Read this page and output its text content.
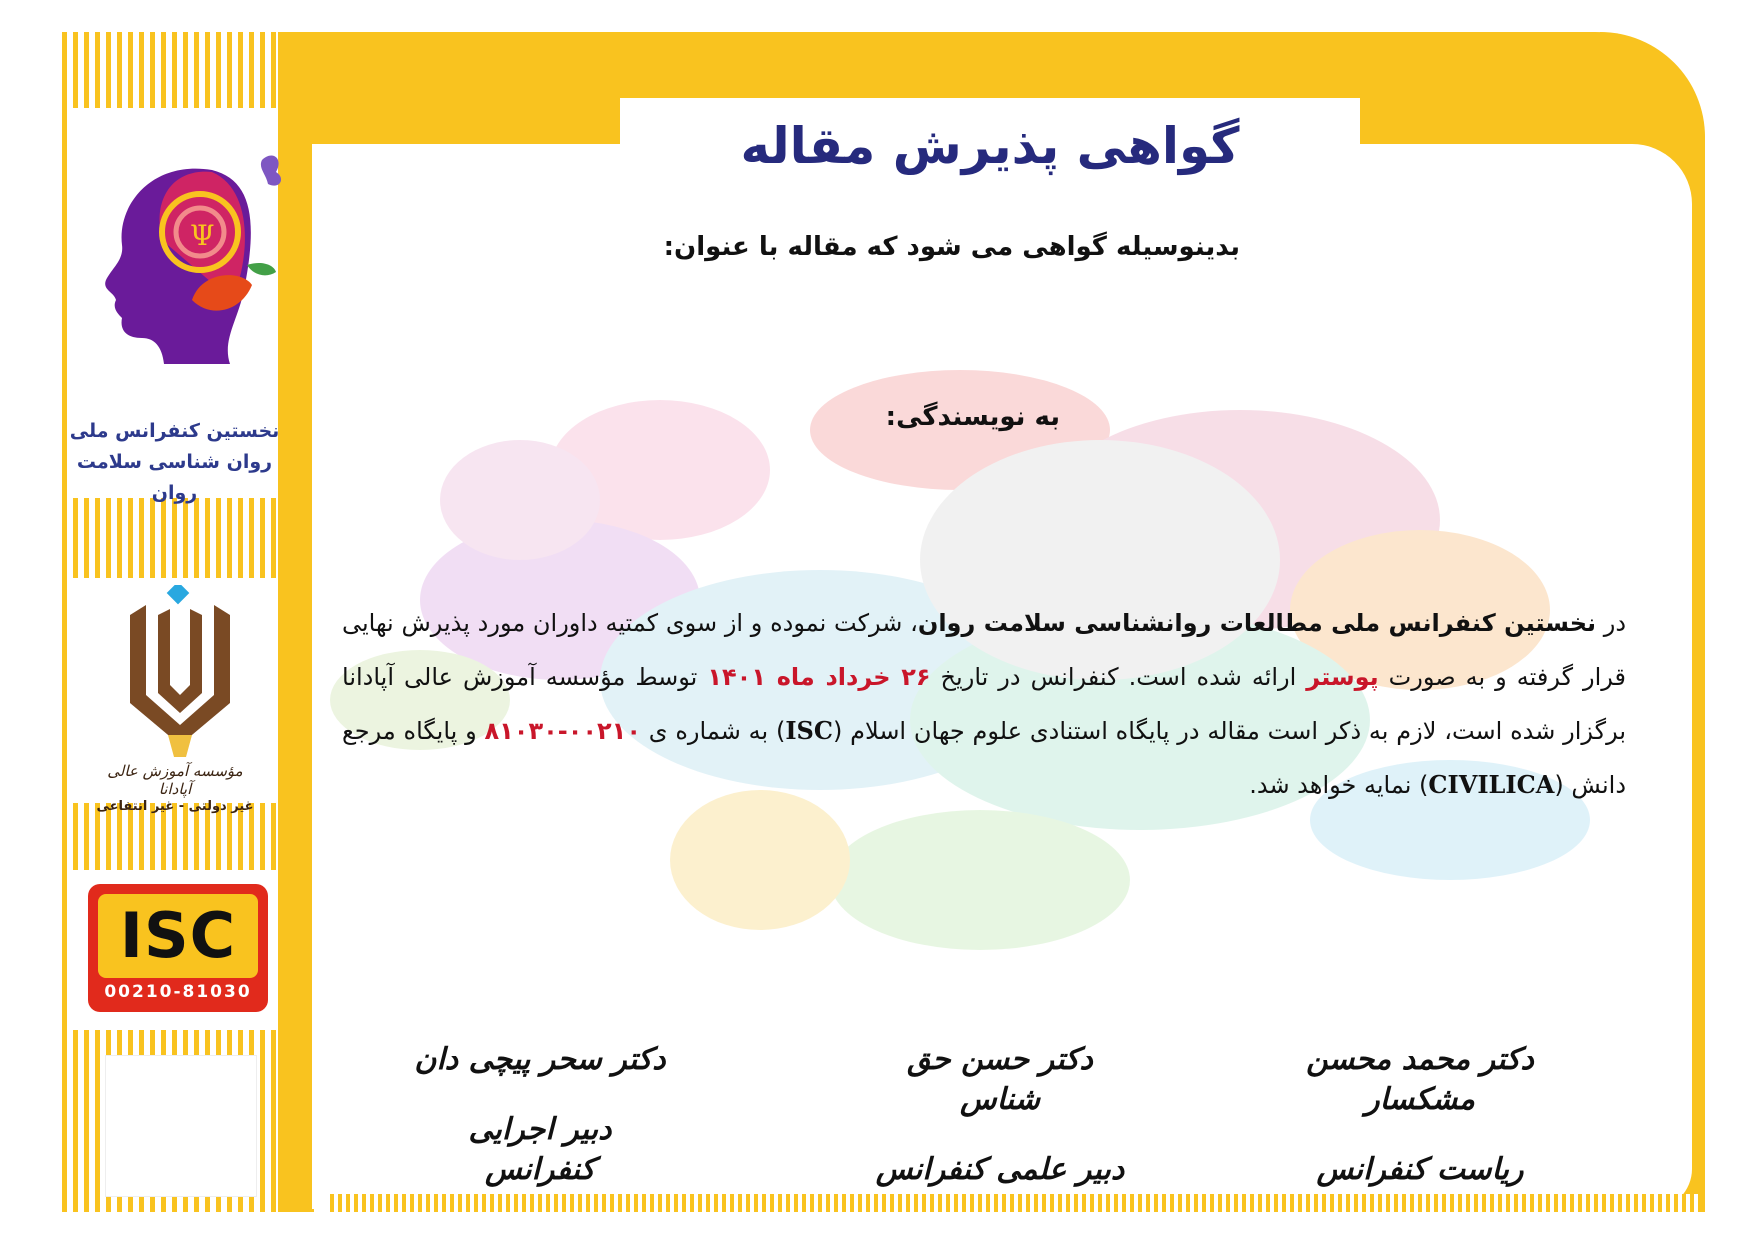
Ψ
نخستین کنفرانس ملی
روان شناسی سلامت روان
مؤسسه آموزش عالی آپادانا
غیر دولتی - غیر انتفاعی
ISC
00210-81030
گواهی پذیرش مقاله
بدینوسیله گواهی می شود که مقاله با عنوان:
به نویسندگی:
در نخستین کنفرانس ملی مطالعات روانشناسی سلامت روان، شرکت نموده و از سوی کمتیه داوران مورد پذیرش نهایی قرار گرفته و به صورت پوستر ارائه شده است. کنفرانس در تاریخ ۲۶ خرداد ماه ۱۴۰۱ توسط مؤسسه آموزش عالی آپادانا برگزار شده است، لازم به ذکر است مقاله در پایگاه استنادی علوم جهان اسلام (ISC) به شماره ی ۰۰۲۱۰-۸۱۰۳۰ و پایگاه مرجع دانش (CIVILICA) نمایه خواهد شد.
دکتر محمد محسن مشکسار
ریاست کنفرانس
دکتر حسن حق شناس
دبیر علمی کنفرانس
دکتر سحر پیچی دان
دبیر اجرایی کنفرانس
